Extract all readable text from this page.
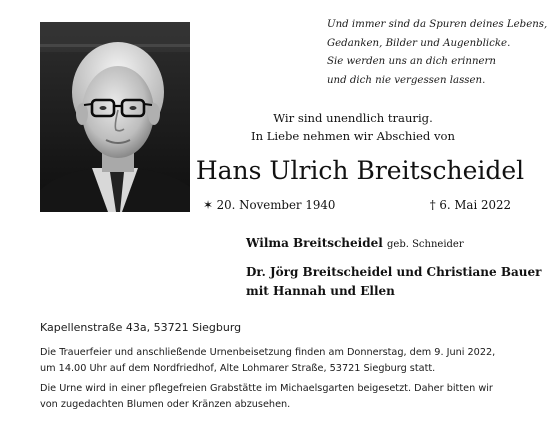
Und immer sind da Spuren deines Lebens,
Gedanken, Bilder und Augenblicke.
Sie werden uns an dich erinnern
und dich nie vergessen lassen.
Wir sind unendlich traurig.
In Liebe nehmen wir Abschied von
Hans Ulrich Breitscheidel
✶ 20. November 1940	† 6. Mai 2022
Wilma Breitscheidel geb. Schneider
Dr. Jörg Breitscheidel und Christiane Bauer
mit Hannah und Ellen
Kapellenstraße 43a, 53721 Siegburg
Die Trauerfeier und anschließende Urnenbeisetzung finden am Donnerstag, dem 9. Juni 2022,
um 14.00 Uhr auf dem Nordfriedhof, Alte Lohmarer Straße, 53721 Siegburg statt.
Die Urne wird in einer pflegefreien Grabstätte im Michaelsgarten beigesetzt. Daher bitten wir
von zugedachten Blumen oder Kränzen abzusehen.
